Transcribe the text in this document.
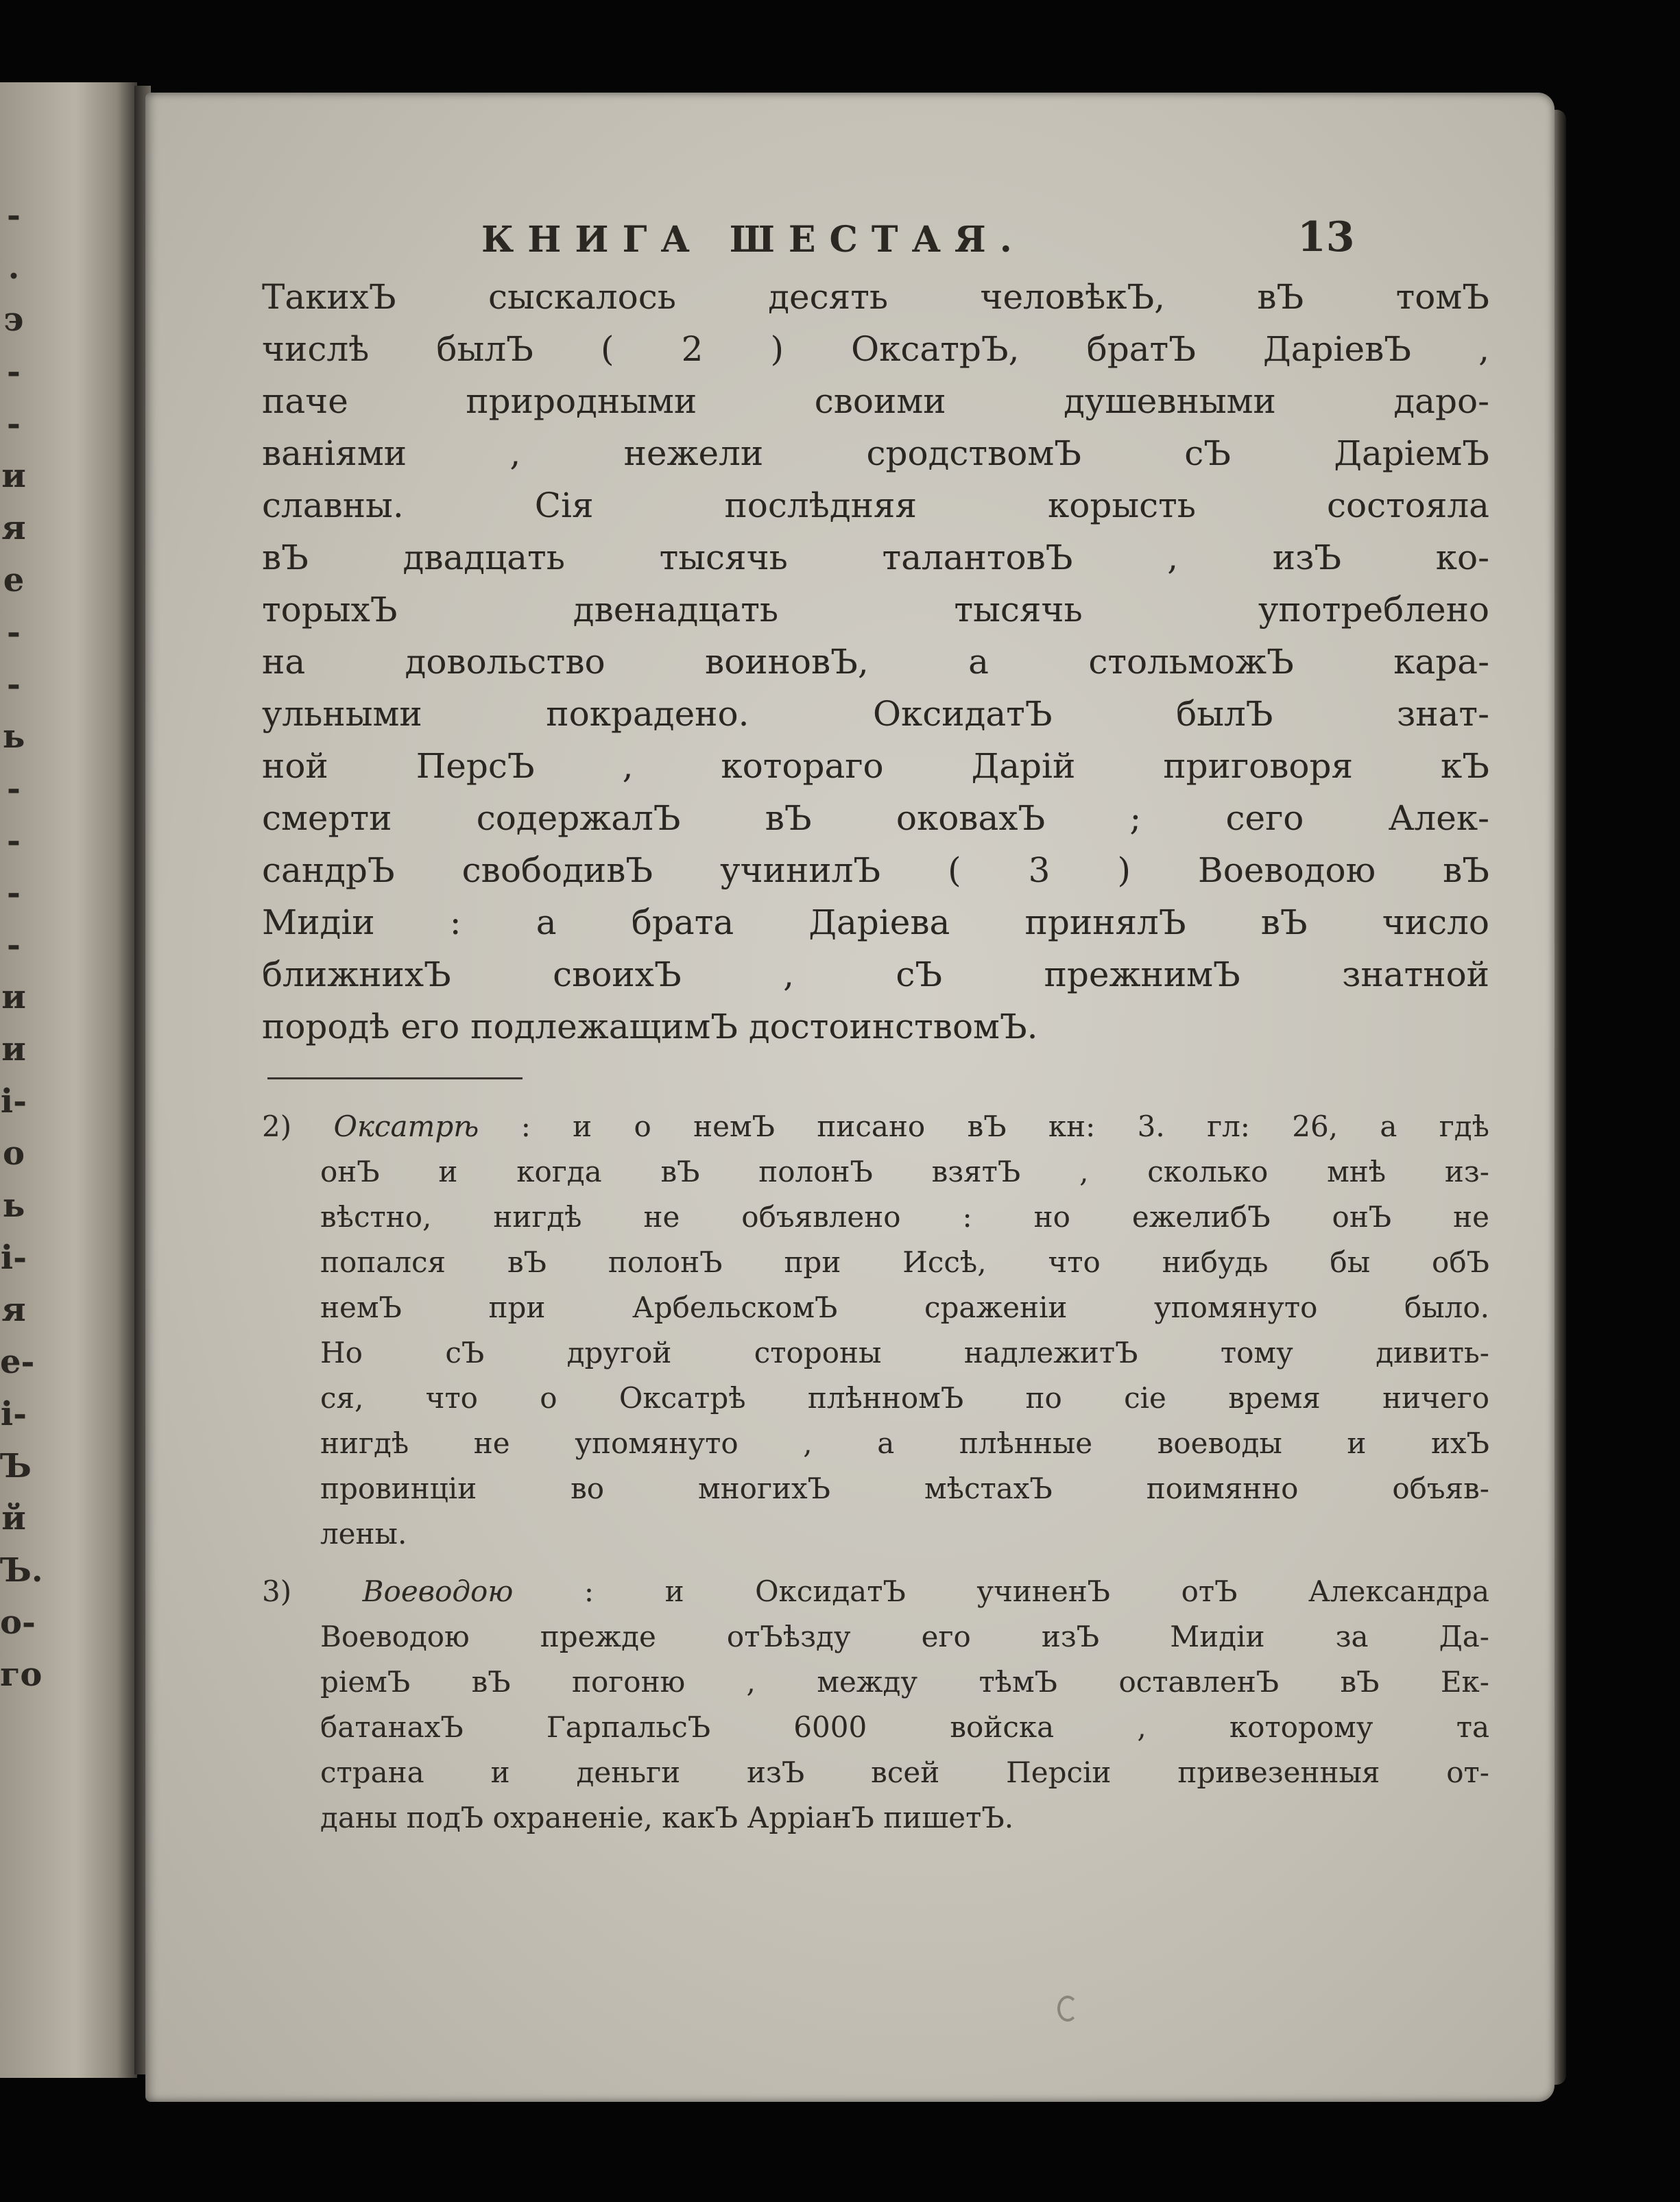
-
.
э
-
-
и
я
е
-
-
ь
-
-
-
-
и
и
і-
о
ь
і-
я
е-
і-
Ъ
й
Ъ.
о-
го
КНИГА ШЕСТАЯ.	13
ТакихЪ сыскалось десять человѣкЪ, вЪ томЪ
числѣ былЪ ( 2 ) ОксатрЪ, братЪ ДаріевЪ ,
паче природными своими душевными даро-
ваніями , нежели сродствомЪ сЪ ДаріемЪ
славны. Сія послѣдняя корысть состояла
вЪ двадцать тысячь талантовЪ , изЪ ко-
торыхЪ двенадцать тысячь употреблено
на довольство воиновЪ, а стольможЪ кара-
ульными покрадено. ОксидатЪ былЪ знат-
ной ПерсЪ , котораго Дарій приговоря кЪ
смерти содержалЪ вЪ оковахЪ ; сего Алек-
сандрЪ свободивЪ учинилЪ ( 3 ) Воеводою вЪ
Мидіи : а брата Даріева принялЪ вЪ число
ближнихЪ своихЪ , сЪ прежнимЪ знатной
породѣ его подлежащимЪ достоинствомЪ.
2) Оксатрѣ : и о немЪ писано вЪ кн: 3. гл: 26, а гдѣ
онЪ и когда вЪ полонЪ взятЪ , сколько мнѣ из-
вѣстно, нигдѣ не объявлено : но ежелибЪ онЪ не
попался вЪ полонЪ при Иссѣ, что нибудь бы обЪ
немЪ при АрбельскомЪ сраженіи упомянуто было.
Но сЪ другой стороны надлежитЪ тому дивить-
ся, что о Оксатрѣ плѣнномЪ по сіе время ничего
нигдѣ не упомянуто , а плѣнные воеводы и ихЪ
провинціи во многихЪ мѣстахЪ поимянно объяв-
лены.
3) Воеводою : и ОксидатЪ учиненЪ отЪ Александра
Воеводою прежде отЪѣзду его изЪ Мидіи за Да-
ріемЪ вЪ погоню , между тѣмЪ оставленЪ вЪ Ек-
батанахЪ ГарпальсЪ 6000 войска , которому та
страна и деньги изЪ всей Персіи привезенныя от-
даны подЪ охраненіе, какЪ АрріанЪ пишетЪ.
